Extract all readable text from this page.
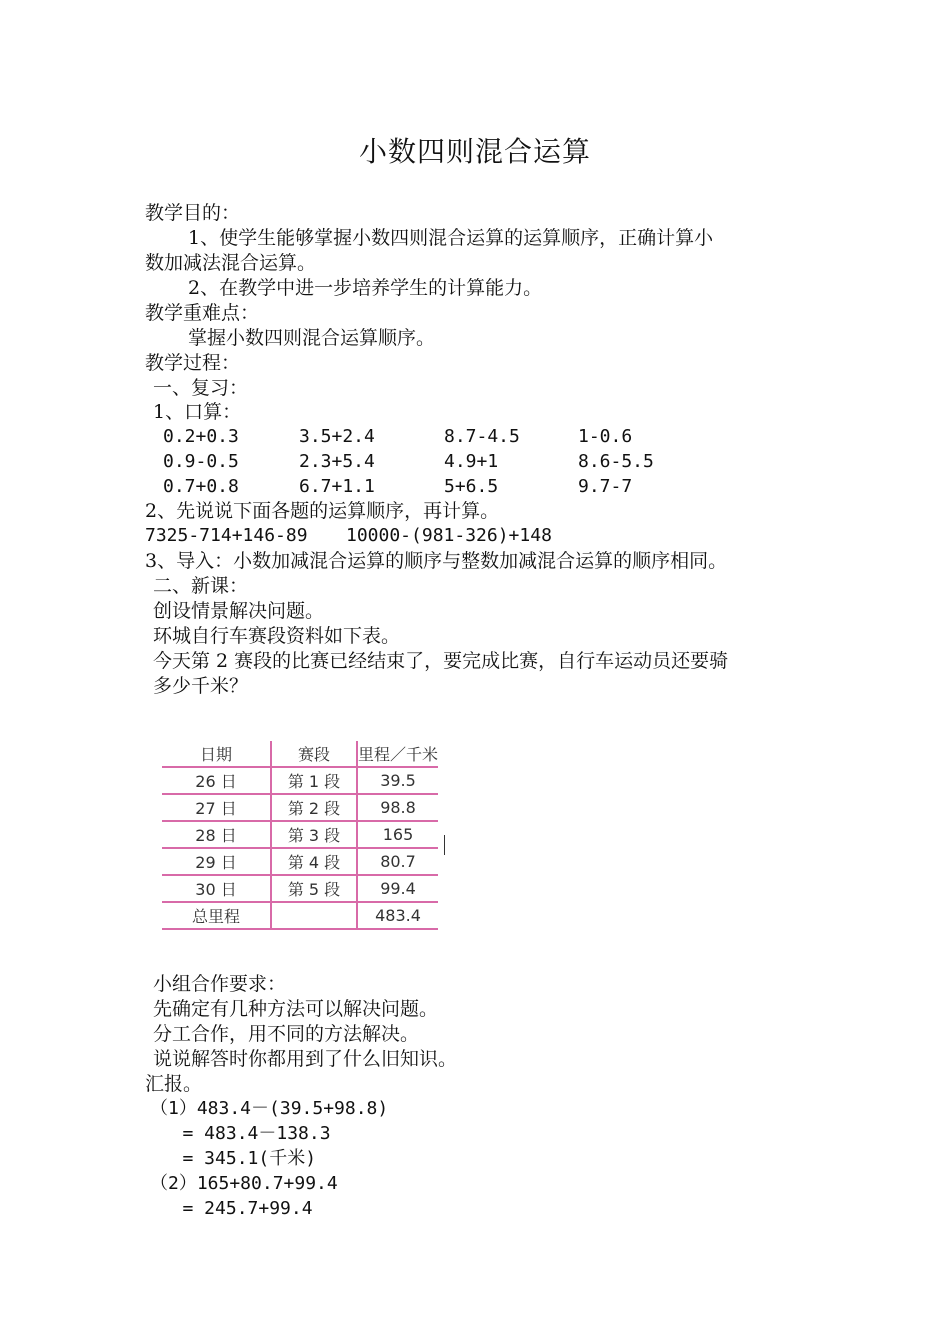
小数四则混合运算
教学目的：
1、使学生能够掌握小数四则混合运算的运算顺序，正确计算小
数加减法混合运算。
2、在教学中进一步培养学生的计算能力。
教学重难点：
掌握小数四则混合运算顺序。
教学过程：
一、复习：
1、口算：
0.2+0.3	3.5+2.4	8.7-4.5	1-0.6
0.9-0.5	2.3+5.4	4.9+1	8.6-5.5
0.7+0.8	6.7+1.1	5+6.5	9.7-7
2、先说说下面各题的运算顺序，再计算。
7325-714+146-89 10000-(981-326)+148
3、导入：小数加减混合运算的顺序与整数加减混合运算的顺序相同。
二、新课：
创设情景解决问题。
环城自行车赛段资料如下表。
今天第 2 赛段的比赛已经结束了，要完成比赛，自行车运动员还要骑
多少千米？
日期	赛段	里程／千米
26 日	第 1 段	39.5
27 日	第 2 段	98.8
28 日	第 3 段	165
29 日	第 4 段	80.7
30 日	第 5 段	99.4
总里程		483.4
小组合作要求：
先确定有几种方法可以解决问题。
分工合作，用不同的方法解决。
说说解答时你都用到了什么旧知识。
汇报。
（1）483.4－(39.5+98.8)
= 483.4－138.3
= 345.1(千米)
（2）165+80.7+99.4
= 245.7+99.4
